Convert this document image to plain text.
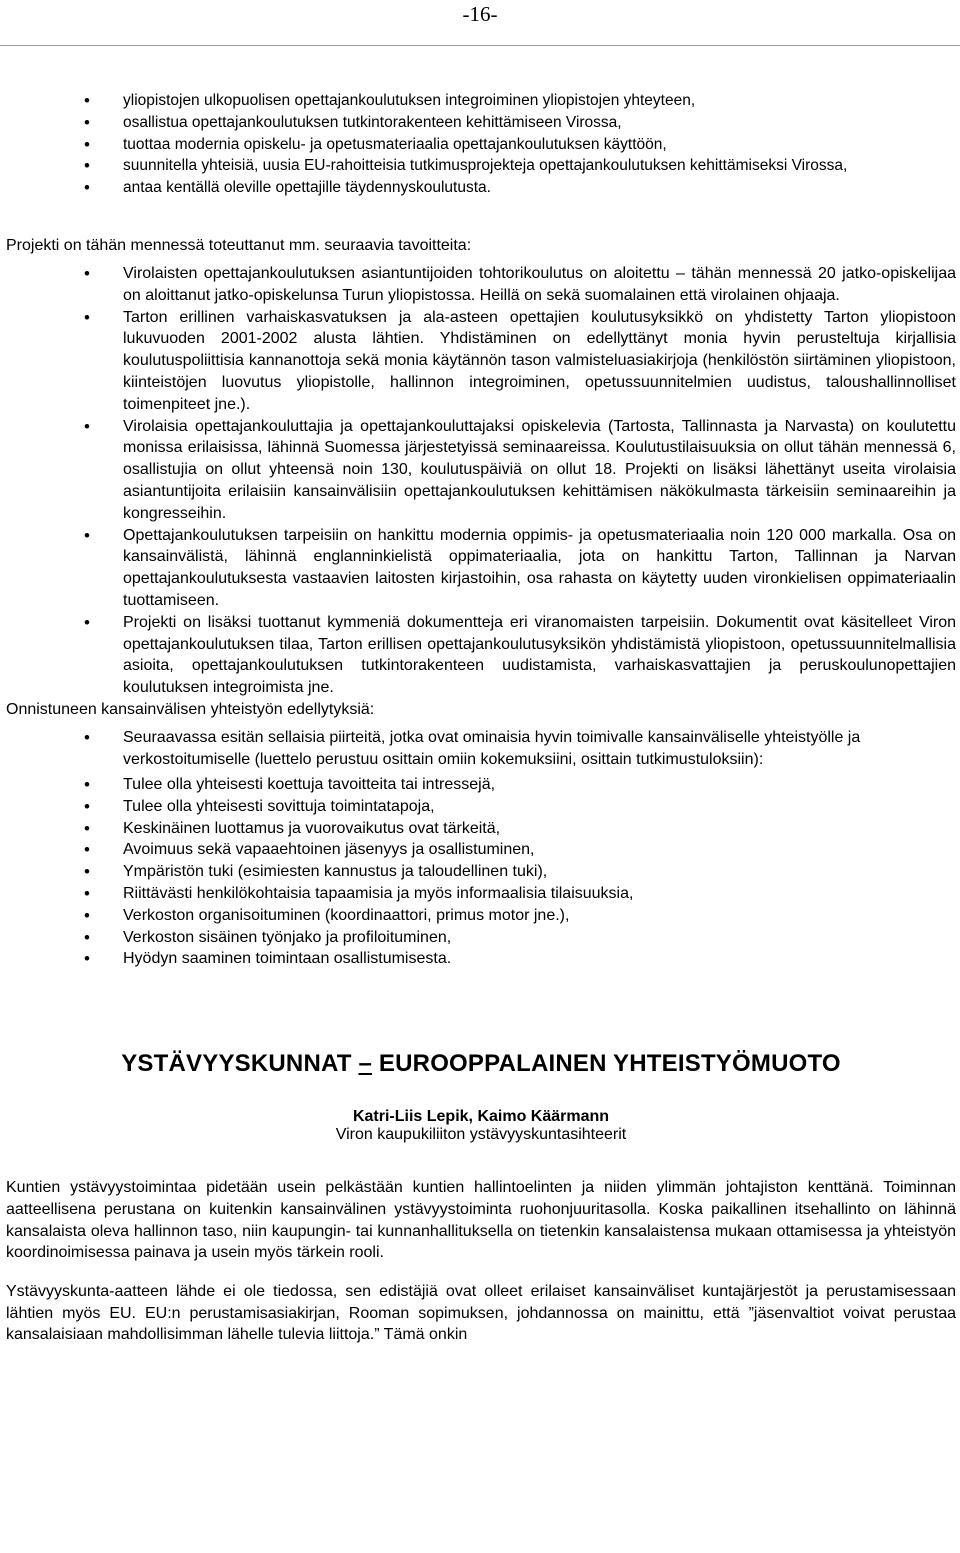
-16-
• yliopistojen ulkopuolisen opettajankoulutuksen integroiminen yliopistojen yhteyteen,
• osallistua opettajankoulutuksen tutkintorakenteen kehittämiseen Virossa,
• tuottaa modernia opiskelu- ja opetusmateriaalia opettajankoulutuksen käyttöön,
• suunnitella yhteisiä, uusia EU-rahoitteisia tutkimusprojekteja opettajankoulutuksen kehittämiseksi Virossa,
• antaa kentällä oleville opettajille täydennyskoulutusta.

Projekti on tähän mennessä toteuttanut mm. seuraavia tavoitteita:

• Virolaisten opettajankoulutuksen asiantuntijoiden tohtorikoulutus on aloitettu – tähän mennessä 20 jatko-opiskelijaa on aloittanut jatko-opiskelunsa Turun yliopistossa. Heillä on sekä suomalainen että virolainen ohjaaja.
• Tarton erillinen varhaiskasvatuksen ja ala-asteen opettajien koulutusyksikkö on yhdistetty Tarton yliopistoon lukuvuoden 2001-2002 alusta lähtien. Yhdistäminen on edellyttänyt monia hyvin perusteltuja kirjallisia koulutuspoliittisia kannanottoja sekä monia käytännön tason valmisteluasiakirjoja (henkilöstön siirtäminen yliopistoon, kiinteistöjen luovutus yliopistolle, hallinnon integroiminen, opetussuunnitelmien uudistus, taloushallinnolliset toimenpiteet jne.).
• Virolaisia opettajankouluttajia ja opettajankouluttajaksi opiskelevia (Tartosta, Tallinnasta ja Narvasta) on koulutettu monissa erilaisissa, lähinnä Suomessa järjestetyissä seminaareissa. Koulutustilaisuuksia on ollut tähän mennessä 6, osallistujia on ollut yhteensä noin 130, koulutuspäiviä on ollut 18. Projekti on lisäksi lähettänyt useita virolaisia asiantuntijoita erilaisiin kansainvälisiin opettajankoulutuksen kehittämisen näkökulmasta tärkeisiin seminaareihin ja kongresseihin.
• Opettajankoulutuksen tarpeisiin on hankittu modernia oppimis- ja opetusmateriaalia noin 120 000 markalla. Osa on kansainvälistä, lähinnä englanninkielistä oppimateriaalia, jota on hankittu Tarton, Tallinnan ja Narvan opettajankoulutuksesta vastaavien laitosten kirjastoihin, osa rahasta on käytetty uuden vironkielisen oppimateriaalin tuottamiseen.
• Projekti on lisäksi tuottanut kymmeniä dokumentteja eri viranomaisten tarpeisiin. Dokumentit ovat käsitelleet Viron opettajankoulutuksen tilaa, Tarton erillisen opettajankoulutusyksikön yhdistämistä yliopistoon, opetussuunnitelmallisia asioita, opettajankoulutuksen tutkintorakenteen uudistamista, varhaiskasvattajien ja peruskoulunopettajien koulutuksen integroimista jne.

Onnistuneen kansainvälisen yhteistyön edellytyksiä:

• Seuraavassa esitän sellaisia piirteitä, jotka ovat ominaisia hyvin toimivalle kansainväliselle yhteistyölle ja verkostoitumiselle (luettelo perustuu osittain omiin kokemuksiini, osittain tutkimustuloksiin):
• Tulee olla yhteisesti koettuja tavoitteita tai intressejä,
• Tulee olla yhteisesti sovittuja toimintatapoja,
• Keskinäinen luottamus ja vuorovaikutus ovat tärkeitä,
• Avoimuus sekä vapaaehtoinen jäsenyys ja osallistuminen,
• Ympäristön tuki (esimiesten kannustus ja taloudellinen tuki),
• Riittävästi henkilökohtaisia tapaamisia ja myös informaalisia tilaisuuksia,
• Verkoston organisoituminen (koordinaattori, primus motor jne.),
• Verkoston sisäinen työnjako ja profiloituminen,
• Hyödyn saaminen toimintaan osallistumisesta.
YSTÄVYYSKUNNAT – EUROOPPALAINEN YHTEISTYÖMUOTO

Katri-Liis Lepik, Kaimo Käärmann

Viron kaupukiliiton ystävyyskuntasihteerit

Kuntien ystävyystoimintaa pidetään usein pelkästään kuntien hallintoelinten ja niiden ylimmän johtajiston kenttänä. Toiminnan aatteellisena perustana on kuitenkin kansainvälinen ystävyystoiminta ruohonjuuritasolla. Koska paikallinen itsehallinto on lähinnä kansalaista oleva hallinnon taso, niin kaupungin- tai kunnanhallituksella on tietenkin kansalaistensa mukaan ottamisessa ja yhteistyön koordinoimisessa painava ja usein myös tärkein rooli.

Ystävyyskunta-aatteen lähde ei ole tiedossa, sen edistäjiä ovat olleet erilaiset kansainväliset kuntajärjestöt ja perustamisessaan lähtien myös EU. EU:n perustamisasiakirjan, Rooman sopimuksen, johdannossa on mainittu, että ”jäsenvaltiot voivat perustaa kansalaisiaan mahdollisimman lähelle tulevia liittoja.” Tämä onkin
